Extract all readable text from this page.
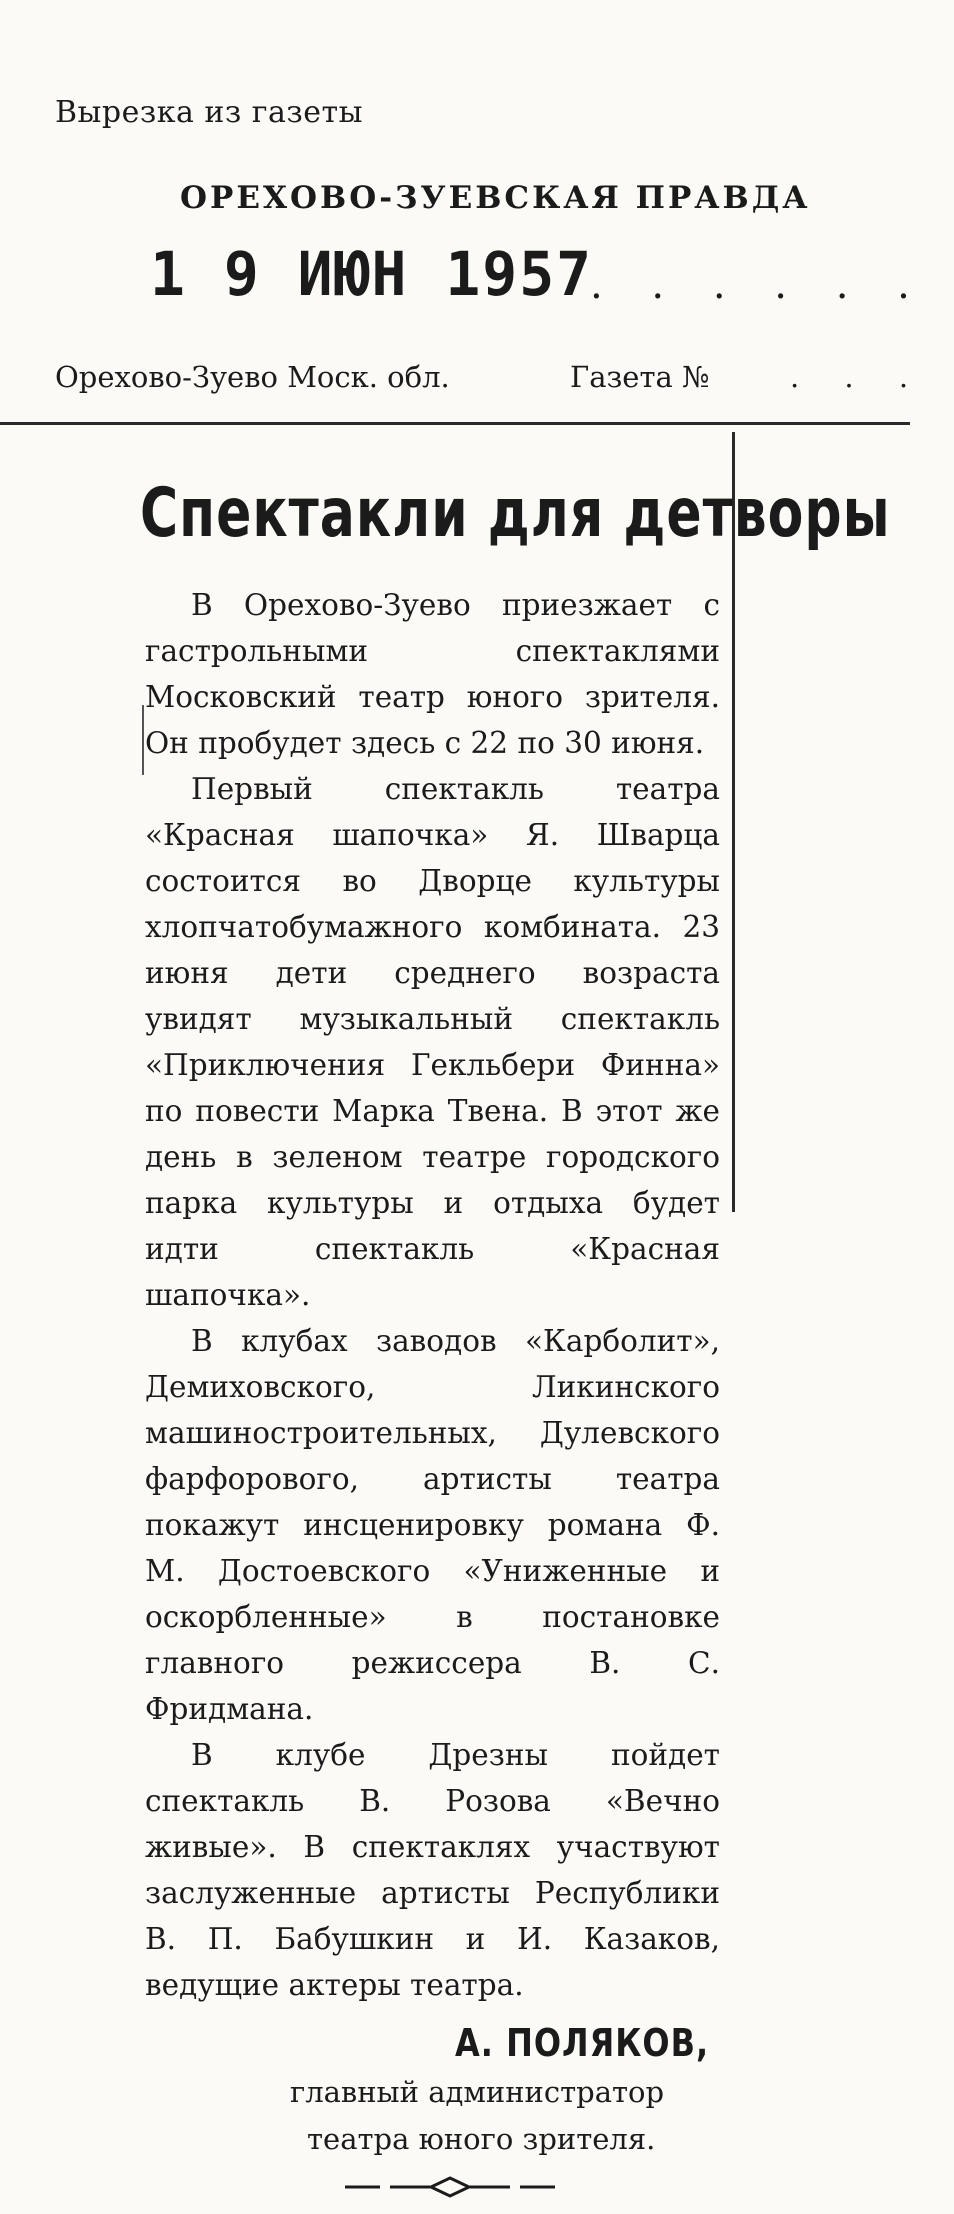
Вырезка из газеты
ОРЕХОВО-ЗУЕВСКАЯ ПРАВДА
1 9 ИЮН 1957
. . . . . .
Орехово-Зуево Моск. обл.	Газета №	. . .
Спектакли для детворы

В Орехово-Зуево приезжает с гастрольными спектаклями Московский театр юного зрителя. Он пробудет здесь с 22 по 30 июня.

Первый спектакль театра «Красная шапочка» Я. Шварца состоится во Дворце культуры хлопчатобумажного комбината. 23 июня дети среднего возраста увидят музыкальный спектакль «Приключения Гекльбери Финна» по повести Марка Твена. В этот же день в зеленом театре городского парка культуры и отдыха будет идти спектакль «Красная шапочка».

В клубах заводов «Карболит», Демиховского, Ликинского машиностроительных, Дулевского фарфорового, артисты театра покажут инсценировку романа Ф. М. Достоевского «Униженные и оскорбленные» в постановке главного режиссера В. С. Фридмана.

В клубе Дрезны пойдет спектакль В. Розова «Вечно живые». В спектаклях участвуют заслуженные артисты Республики В. П. Бабушкин и И. Казаков, ведущие актеры театра.

А. ПОЛЯКОВ,
главный администратор
театра юного зрителя.
